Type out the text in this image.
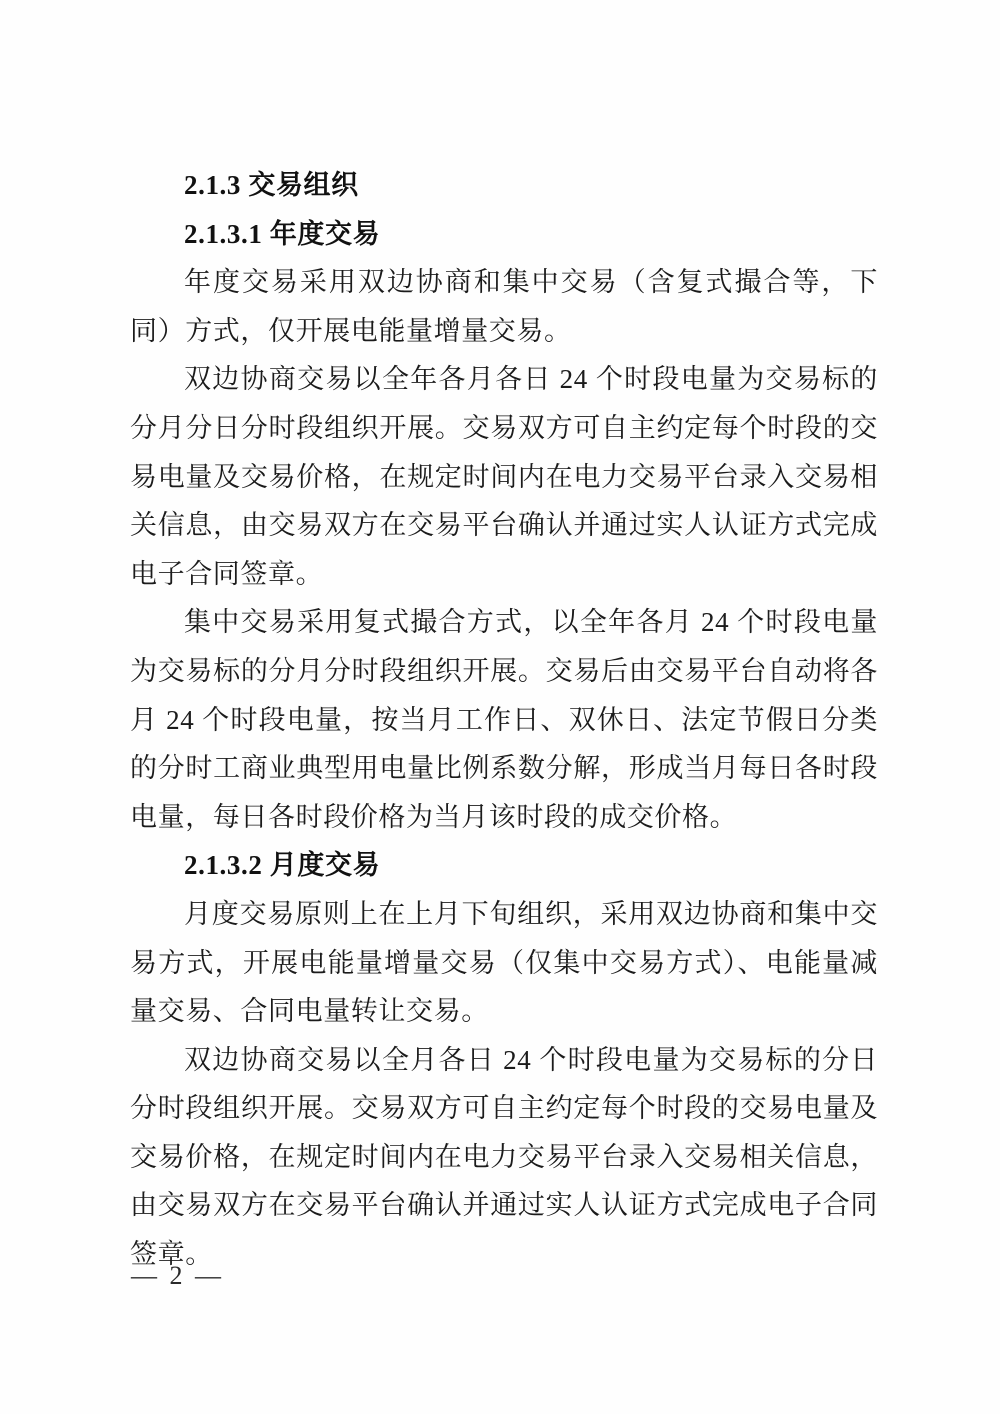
2.1.3 交易组织
2.1.3.1 年度交易
年度交易采用双边协商和集中交易（含复式撮合等，下同）方式，仅开展电能量增量交易。
双边协商交易以全年各月各日 24 个时段电量为交易标的分月分日分时段组织开展。交易双方可自主约定每个时段的交易电量及交易价格，在规定时间内在电力交易平台录入交易相关信息，由交易双方在交易平台确认并通过实人认证方式完成电子合同签章。
集中交易采用复式撮合方式，以全年各月 24 个时段电量为交易标的分月分时段组织开展。交易后由交易平台自动将各月 24 个时段电量，按当月工作日、双休日、法定节假日分类的分时工商业典型用电量比例系数分解，形成当月每日各时段电量，每日各时段价格为当月该时段的成交价格。
2.1.3.2 月度交易
月度交易原则上在上月下旬组织，采用双边协商和集中交易方式，开展电能量增量交易（仅集中交易方式）、电能量减量交易、合同电量转让交易。
双边协商交易以全月各日 24 个时段电量为交易标的分日分时段组织开展。交易双方可自主约定每个时段的交易电量及交易价格，在规定时间内在电力交易平台录入交易相关信息，由交易双方在交易平台确认并通过实人认证方式完成电子合同签章。
— 2 —
